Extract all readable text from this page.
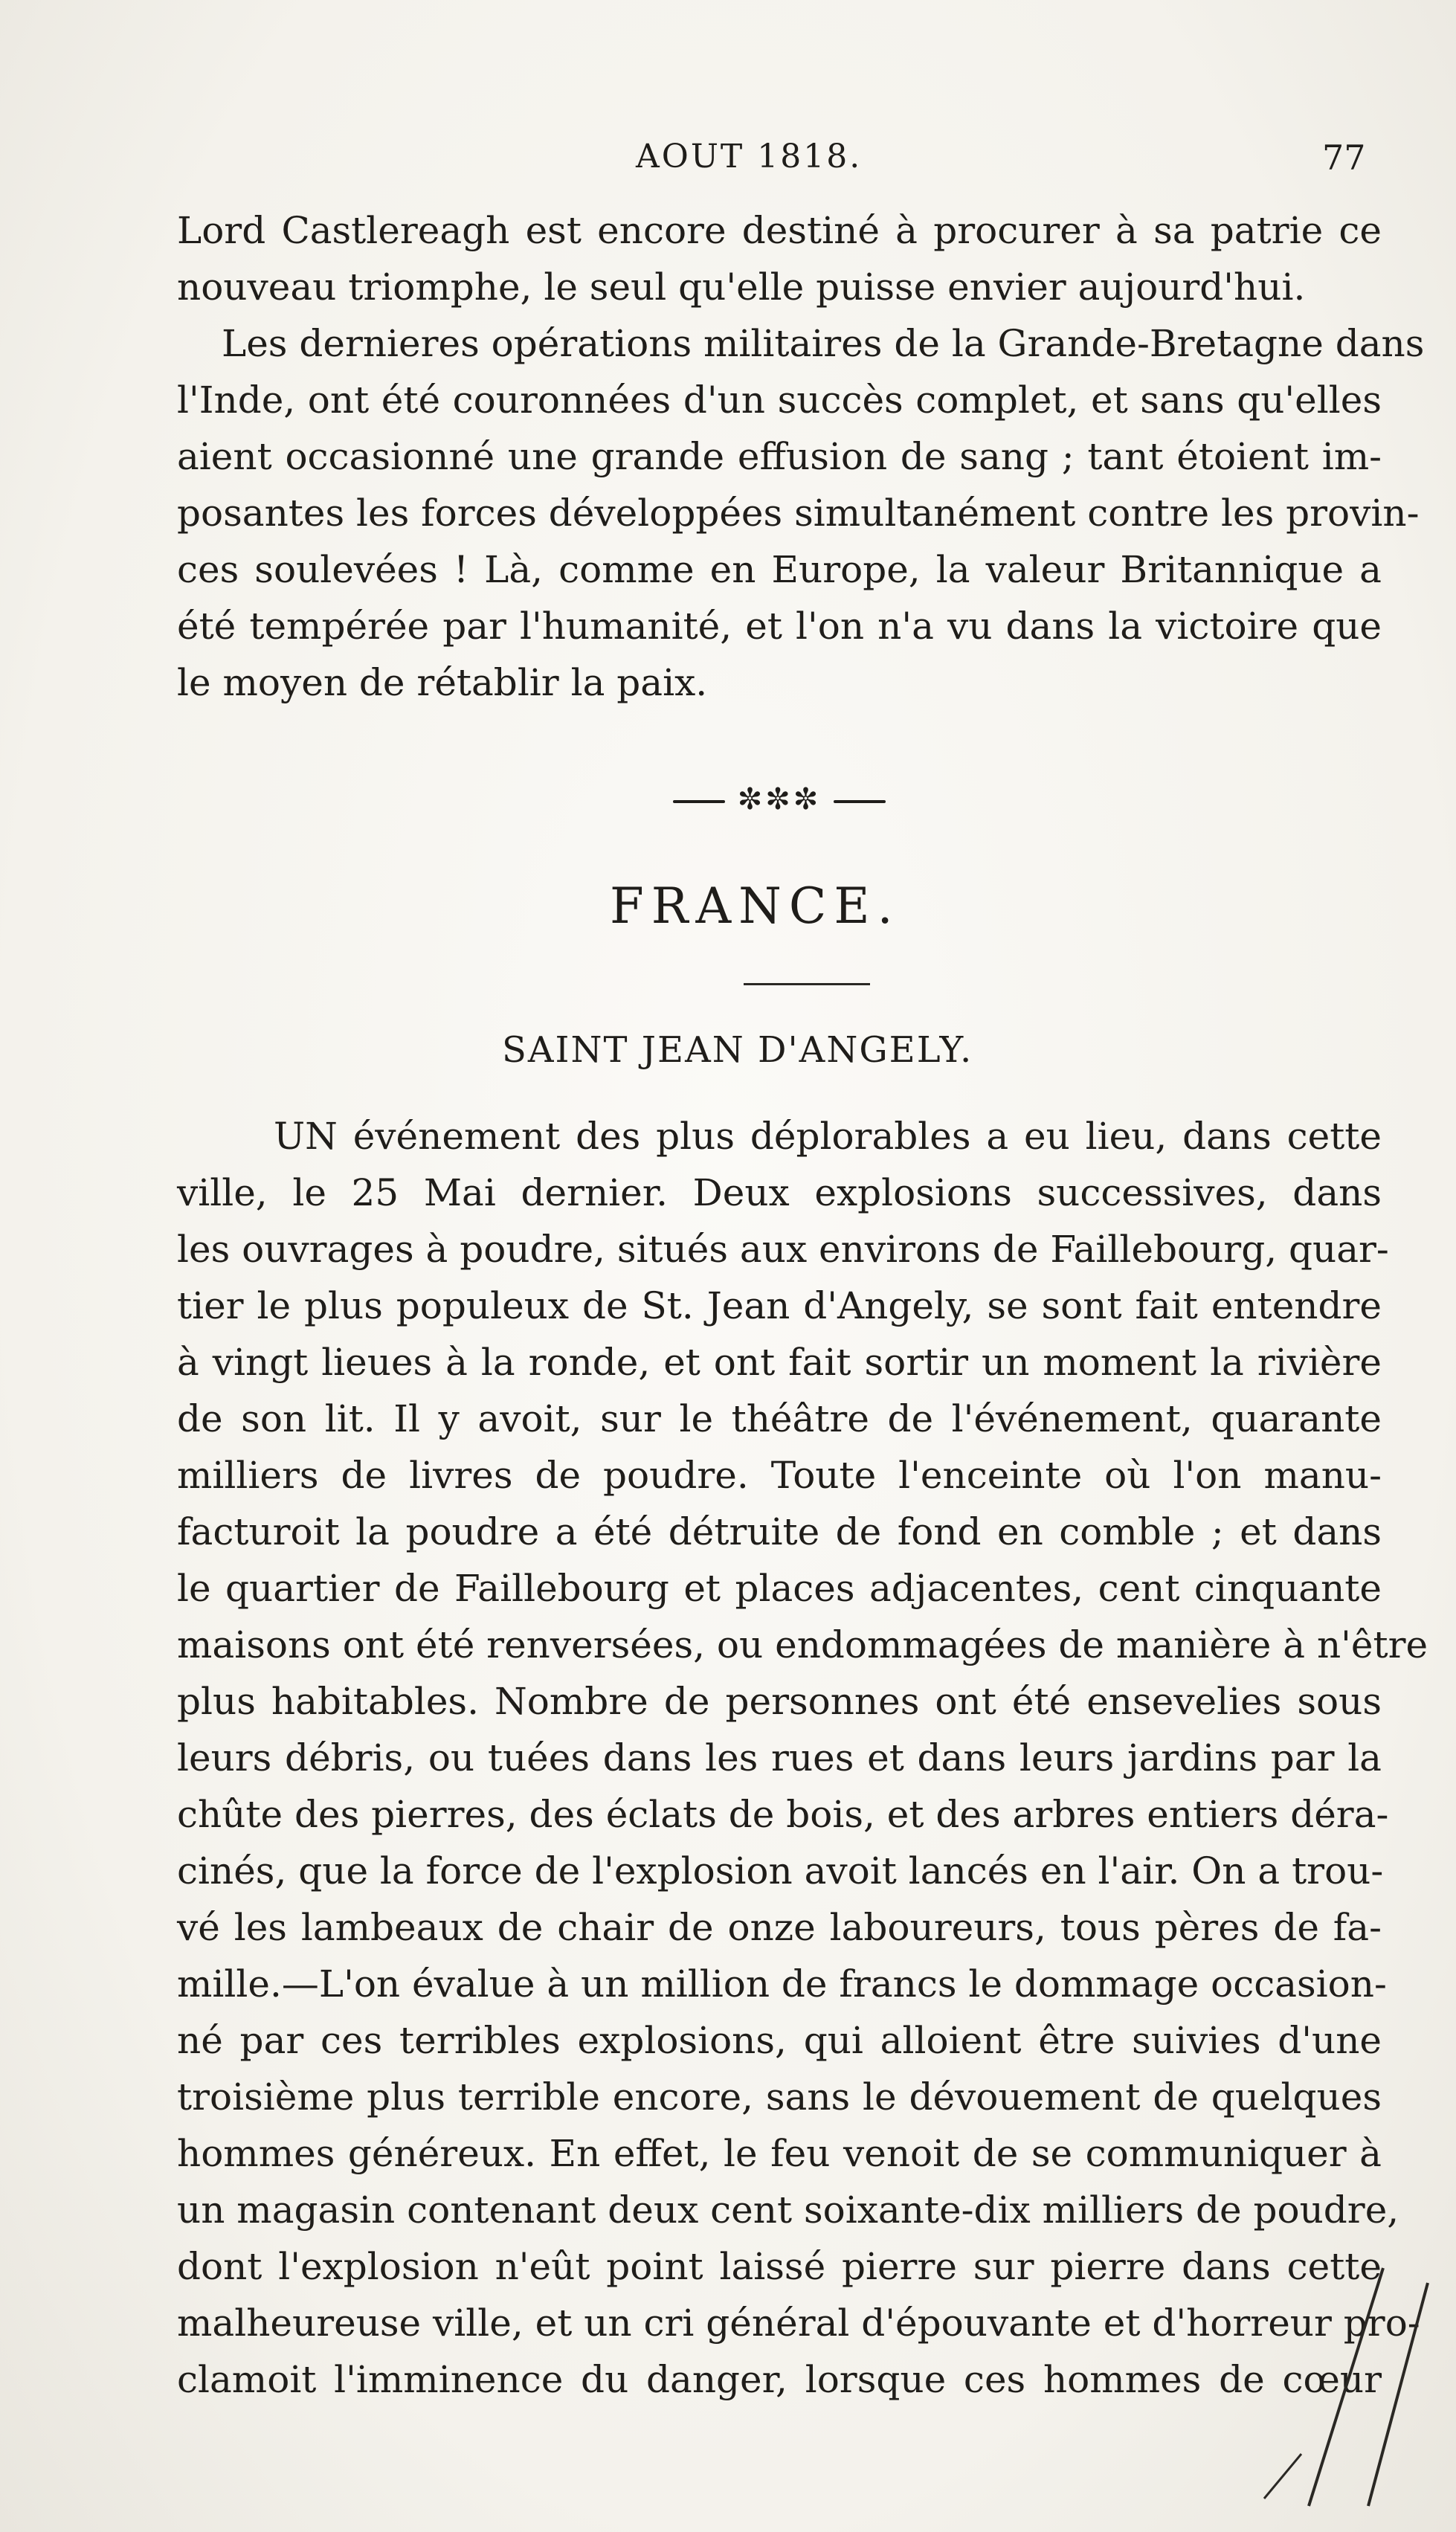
AOUT 1818.	77
Lord Castlereagh est encore destiné à procurer à sa patrie ce
nouveau triomphe, le seul qu'elle puisse envier aujourd'hui.
Les dernieres opérations militaires de la Grande-Bretagne dans
l'Inde, ont été couronnées d'un succès complet, et sans qu'elles
aient occasionné une grande effusion de sang ; tant étoient im-
posantes les forces développées simultanément contre les provin-
ces soulevées ! Là, comme en Europe, la valeur Britannique a
été tempérée par l'humanité, et l'on n'a vu dans la victoire que
le moyen de rétablir la paix.
✼✼✼
FRANCE.
SAINT JEAN D'ANGELY.
UN événement des plus déplorables a eu lieu, dans cette
ville, le 25 Mai dernier. Deux explosions successives, dans
les ouvrages à poudre, situés aux environs de Faillebourg, quar-
tier le plus populeux de St. Jean d'Angely, se sont fait entendre
à vingt lieues à la ronde, et ont fait sortir un moment la rivière
de son lit. Il y avoit, sur le théâtre de l'événement, quarante
milliers de livres de poudre. Toute l'enceinte où l'on manu-
facturoit la poudre a été détruite de fond en comble ; et dans
le quartier de Faillebourg et places adjacentes, cent cinquante
maisons ont été renversées, ou endommagées de manière à n'être
plus habitables. Nombre de personnes ont été ensevelies sous
leurs débris, ou tuées dans les rues et dans leurs jardins par la
chûte des pierres, des éclats de bois, et des arbres entiers déra-
cinés, que la force de l'explosion avoit lancés en l'air. On a trou-
vé les lambeaux de chair de onze laboureurs, tous pères de fa-
mille.—L'on évalue à un million de francs le dommage occasion-
né par ces terribles explosions, qui alloient être suivies d'une
troisième plus terrible encore, sans le dévouement de quelques
hommes généreux. En effet, le feu venoit de se communiquer à
un magasin contenant deux cent soixante-dix milliers de poudre,
dont l'explosion n'eût point laissé pierre sur pierre dans cette
malheureuse ville, et un cri général d'épouvante et d'horreur pro-
clamoit l'imminence du danger, lorsque ces hommes de cœur
